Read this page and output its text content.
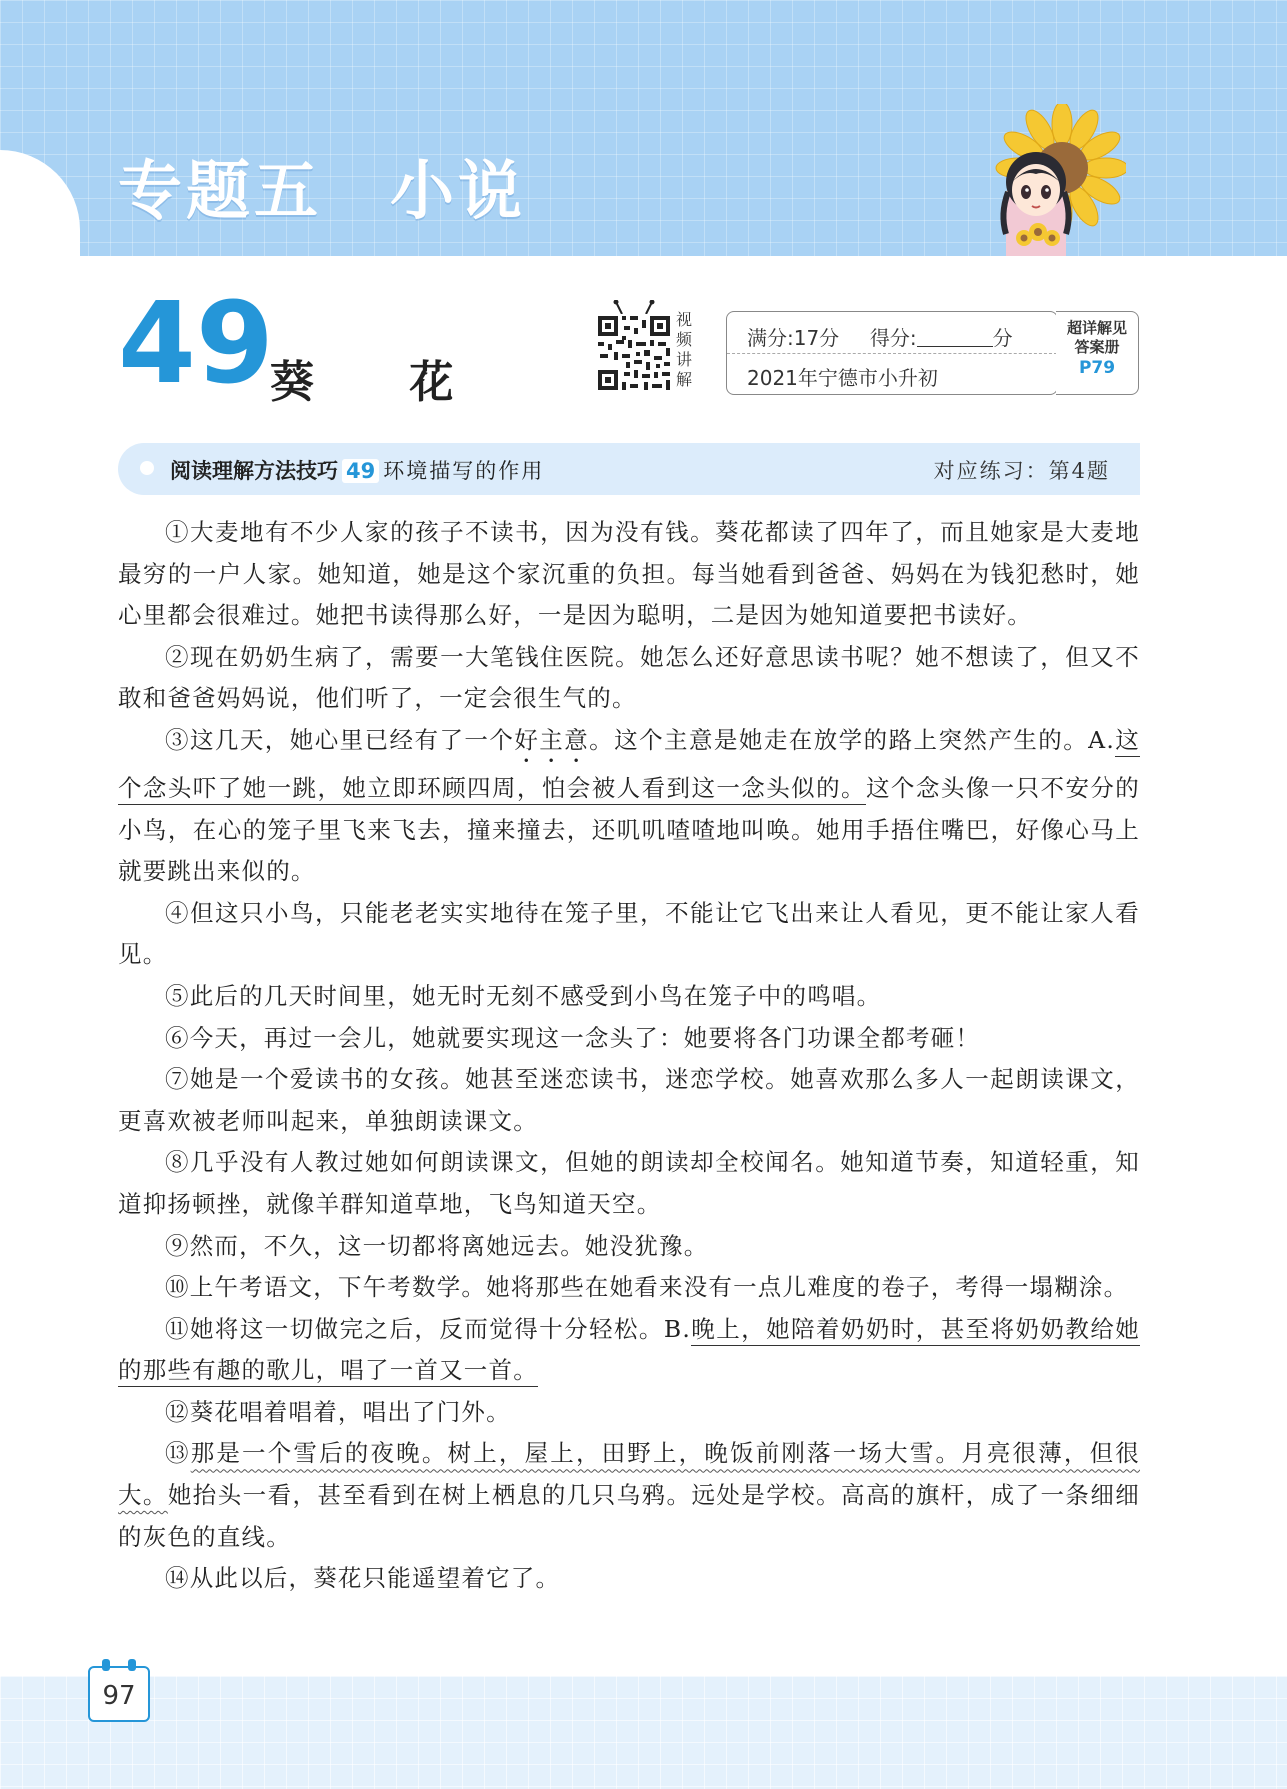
专题五　小说
49
葵 花
视频讲解
满分:17分 得分:	分
2021年宁德市小升初
超详解见
答案册
P79
阅读理解方法技巧 49 环境描写的作用	对应练习：第4题

①大麦地有不少人家的孩子不读书，因为没有钱。葵花都读了四年了，而且她家是大麦地最穷的一户人家。她知道，她是这个家沉重的负担。每当她看到爸爸、妈妈在为钱犯愁时，她心里都会很难过。她把书读得那么好，一是因为聪明，二是因为她知道要把书读好。

②现在奶奶生病了，需要一大笔钱住医院。她怎么还好意思读书呢？她不想读了，但又不敢和爸爸妈妈说，他们听了，一定会很生气的。

③这几天，她心里已经有了一个好主意。这个主意是她走在放学的路上突然产生的。A.这个念头吓了她一跳，她立即环顾四周，怕会被人看到这一念头似的。这个念头像一只不安分的小鸟，在心的笼子里飞来飞去，撞来撞去，还叽叽喳喳地叫唤。她用手捂住嘴巴，好像心马上就要跳出来似的。

④但这只小鸟，只能老老实实地待在笼子里，不能让它飞出来让人看见，更不能让家人看见。

⑤此后的几天时间里，她无时无刻不感受到小鸟在笼子中的鸣唱。

⑥今天，再过一会儿，她就要实现这一念头了：她要将各门功课全都考砸！

⑦她是一个爱读书的女孩。她甚至迷恋读书，迷恋学校。她喜欢那么多人一起朗读课文，更喜欢被老师叫起来，单独朗读课文。

⑧几乎没有人教过她如何朗读课文，但她的朗读却全校闻名。她知道节奏，知道轻重，知道抑扬顿挫，就像羊群知道草地，飞鸟知道天空。

⑨然而，不久，这一切都将离她远去。她没犹豫。

⑩上午考语文，下午考数学。她将那些在她看来没有一点儿难度的卷子，考得一塌糊涂。

⑪她将这一切做完之后，反而觉得十分轻松。B.晚上，她陪着奶奶时，甚至将奶奶教给她的那些有趣的歌儿，唱了一首又一首。

⑫葵花唱着唱着，唱出了门外。

⑬那是一个雪后的夜晚。树上，屋上，田野上，晚饭前刚落一场大雪。月亮很薄，但很大。她抬头一看，甚至看到在树上栖息的几只乌鸦。远处是学校。高高的旗杆，成了一条细细的灰色的直线。

⑭从此以后，葵花只能遥望着它了。

97
